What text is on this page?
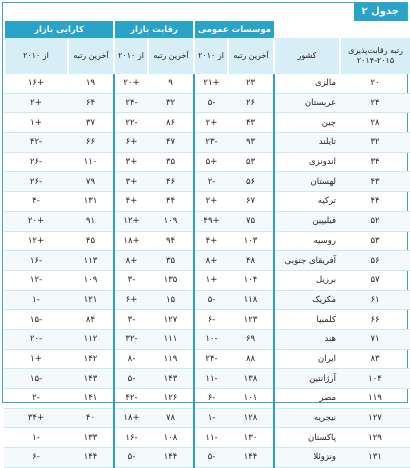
جدول ۲
		موسسات عمومی		رقابت بازار		کارایی بازار	
رتبه رقابت‌پذیری ۲۰۱۵-۲۰۱۴	کشور	آخرین رتبه	از ۲۰۱۰	آخرین رتبه	از ۲۰۱۰	آخرین رتبه	از ۲۰۱۰
۲۰	مالزی	۲۳	+۲۱	۹	+۲۰	۱۹	+۱۶
۲۴	عربستان	۲۶	-۵	۳۲	-۲۴	۶۴	+۲
۲۸	چین	۴۳	+۲	۸۶	-۲۲	۳۷	+۱
۳۲	تایلند	۹۳	-۲۳	۴۷	+۶	۶۶	-۴۲
۳۴	اندونزی	۵۳	+۵	۳۵	+۳	۱۱۰	-۲۶
۴۳	لهستان	۵۶	-۲	۴۶	+۳	۷۹	-۲۶
۴۴	ترکیه	۶۷	+۲	۴۴	+۴	۱۳۱	-۴
۵۲	فیلیپین	۷۵	+۴۹	۱۰۹	+۱۲	۹۱	+۲۰
۵۳	روسیه	۱۰۳	+۴	۹۴	+۱۸	۴۵	+۱۲
۵۶	آفریقای جنوبی	۴۸	+۸	۳۵	+۸	۱۱۳	-۱۶
۵۷	برزیل	۱۰۴	+۱	۱۳۵	-۳	۱۰۹	-۱۲
۶۱	مکزیک	۱۱۸	-۵	۱۵	+۶	۱۲۱	-۱
۶۶	کلمبیا	۱۲۳	-۶	۱۲۷	-۳	۸۴	-۱۵
۷۱	هند	۶۹	-۱۰	۱۱۱	-۳۲	۱۱۲	-۲۰
۸۳	ایران	۸۸	-۲۴	۱۱۹	-۸	۱۴۲	+۱
۱۰۴	آرژانتین	۱۳۸	-۱۱	۱۴۳	-۵	۱۴۳	-۱۵
۱۱۹	مصر	۱۰۱	-۶	۱۲۶	-۴۲	۱۴۱	-۲
۱۲۷	نیجریه	۱۲۸	-۱	۷۸	+۱۸	۴۰	+۳۴
۱۲۹	پاکستان	۱۳۰	-۱۱	۱۰۸	-۱۶	۱۳۳	-۱
۱۳۱	ونزوئلا	۱۴۴	-۵	۱۴۴	-۵	۱۴۴	-۶
